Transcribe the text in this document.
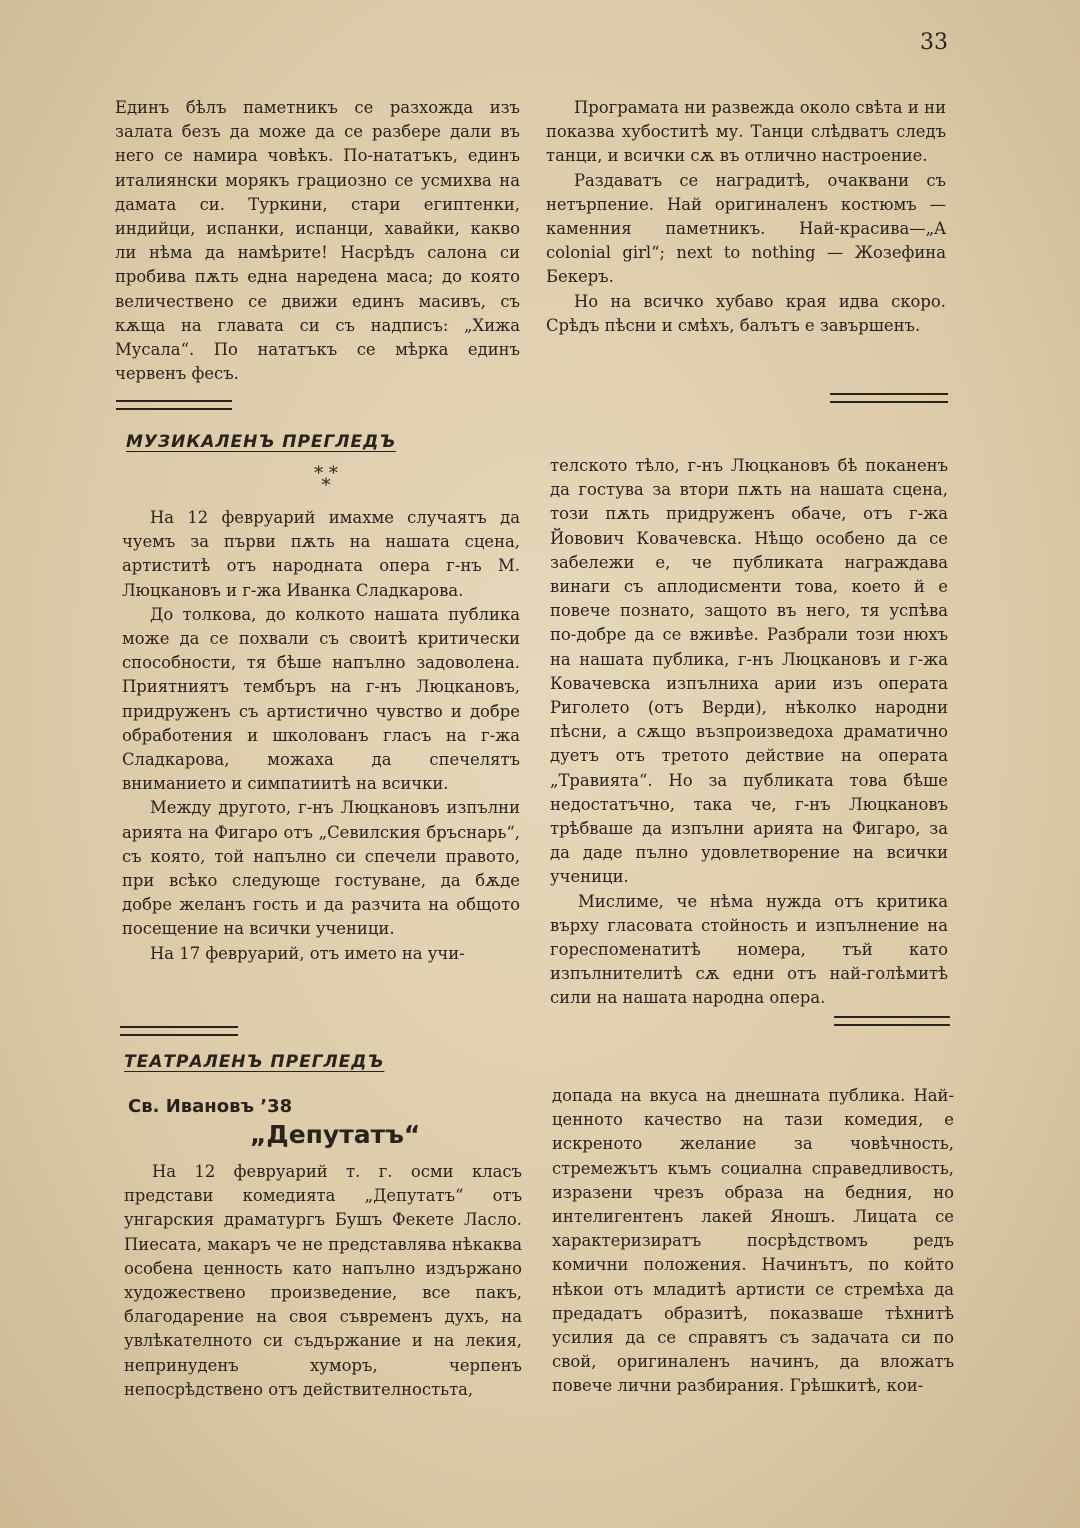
33

Единъ бѣлъ паметникъ се разхожда изъ залата безъ да може да се разбере дали въ него се намира човѣкъ. По-нататъкъ, единъ италиянски морякъ грациозно се усмихва на дамата си. Туркини, стари египтенки, индийци, испанки, испанци, хавайки, какво ли нѣма да намѣрите! Насрѣдъ салона си пробива пѫть една наредена маса; до която величествено се движи единъ масивъ, съ кѫща на главата си съ надписъ: „Хижа Мусала“. По нататъкъ се мѣрка единъ червенъ фесъ.

Програмата ни развежда около свѣта и ни показва хубоститѣ му. Танци слѣдватъ следъ танци, и всички сѫ въ отлично настроение.

Раздаватъ се наградитѣ, очаквани съ нетърпение. Най оригиналенъ костюмъ — каменния паметникъ. Най-красива—„A colonial girl“; next to nothing — Жозефина Бекеръ.

Но на всичко хубаво края идва скоро. Срѣдъ пѣсни и смѣхъ, балътъ е завършенъ.

МУЗИКАЛЕНЪ ПРЕГЛЕДЪ
* *
*

На 12 февруарий имахме случаятъ да чуемъ за първи пѫть на нашата сцена, артиститѣ отъ народната опера г-нъ М. Люцкановъ и г-жа Иванка Сладкарова.

До толкова, до колкото нашата публика може да се похвали съ своитѣ критически способности, тя бѣше напълно задоволена. Приятниятъ тембъръ на г-нъ Люцкановъ, придруженъ съ артистично чувство и добре обработения и школованъ гласъ на г-жа Сладкарова, можаха да спечелятъ вниманието и симпатиитѣ на всички.

Между другото, г-нъ Люцкановъ изпълни арията на Фигаро отъ „Севилския бръснарь“, съ която, той напълно си спечели правото, при всѣко следующе гостуване, да бѫде добре желанъ гость и да разчита на общото посещение на всички ученици.

На 17 февруарий, отъ името на учи-

телското тѣло, г-нъ Люцкановъ бѣ поканенъ да гостува за втори пѫть на нашата сцена, този пѫть придруженъ обаче, отъ г-жа Йовович Ковачевска. Нѣщо особено да се забележи е, че публиката награждава винаги съ аплодисменти това, което й е повече познато, защото въ него, тя успѣва по-добре да се вживѣе. Разбрали този нюхъ на нашата публика, г-нъ Люцкановъ и г-жа Ковачевска изпълниха арии изъ операта Риголето (отъ Верди), нѣколко народни пѣсни, а сѫщо възпроизведоха драматично дуетъ отъ третото действие на операта „Травията“. Но за публиката това бѣше недостатъчно, така че, г-нъ Люцкановъ трѣбваше да изпълни арията на Фигаро, за да даде пълно удовлетворение на всички ученици.

Мислиме, че нѣма нужда отъ критика върху гласовата стойность и изпълнение на гореспоменатитѣ номера, тъй като изпълнителитѣ сѫ едни отъ най-голѣмитѣ сили на нашата народна опера.

ТЕАТРАЛЕНЪ ПРЕГЛЕДЪ
Св. Ивановъ ’38
„Депутатъ“

На 12 февруарий т. г. осми класъ представи комедията „Депутатъ“ отъ унгарския драматургъ Бушъ Фекете Ласло. Пиесата, макаръ че не представлява нѣкаква особена ценность като напълно издържано художествено произведение, все пакъ, благодарение на своя съвременъ духъ, на увлѣкателното си съдържание и на лекия, непринуденъ хуморъ, черпенъ непосрѣдствено отъ действителностьта,

допада на вкуса на днешната публика. Най-ценното качество на тази комедия, е искреното желание за човѣчность, стремежътъ къмъ социална справедливость, изразени чрезъ образа на бедния, но интелигентенъ лакей Яношъ. Лицата се характеризиратъ посрѣдствомъ редъ комични положения. Начинътъ, по който нѣкои отъ младитѣ артисти се стремѣха да предадатъ образитѣ, показваше тѣхнитѣ усилия да се справятъ съ задачата си по свой, оригиналенъ начинъ, да вложатъ повече лични разбирания. Грѣшкитѣ, кои-
